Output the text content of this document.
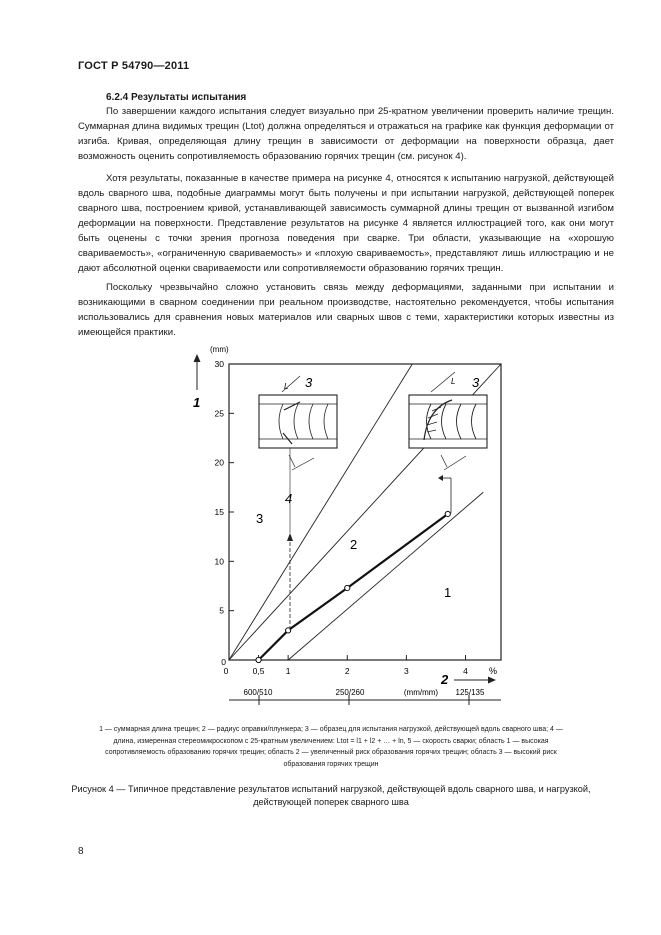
ГОСТ Р 54790—2011
6.2.4 Результаты испытания

По завершении каждого испытания следует визуально при 25-кратном увеличении проверить наличие трещин. Суммарная длина видимых трещин (Ltot) должна определяться и отражаться на графике как функция деформации от изгиба. Кривая, определяющая длину трещин в зависимости от деформации на поверхности образца, дает возможность оценить сопротивляемость образованию горячих трещин (см. рисунок 4).

Хотя результаты, показанные в качестве примера на рисунке 4, относятся к испытанию нагрузкой, действующей вдоль сварного шва, подобные диаграммы могут быть получены и при испытании нагрузкой, действующей поперек сварного шва, построением кривой, устанавливающей зависимость суммарной длины трещин от вызванной изгибом деформации на поверхности. Представление результатов на рисунке 4 является иллюстрацией того, как они могут быть оценены с точки зрения прогноза поведения при сварке. Три области, указывающие на «хорошую свариваемость», «ограниченную свариваемость» и «плохую свариваемость», представляют лишь иллюстрацию и не дают абсолютной оценки свариваемости или сопротивляемости образованию горячих трещин.

Поскольку чрезвычайно сложно установить связь между деформациями, заданными при испытании и возникающими в сварном соединении при реальном производстве, настоятельно рекомендуется, чтобы испытания использовались для сравнения новых материалов или сварных швов с теми, характеристики которых известны из имеющейся практики.

0	0,5	1	2	3	4
5
10
15
20
25
30
0
(mm)
1
%
2
600/510	250/260	(mm/mm) 125/135
3
2
1
4
L 3	L 3

1 — суммарная длина трещин; 2 — радиус оправки/плунжера; 3 — образец для испытания нагрузкой, действующей вдоль сварного шва; 4 — длина, измеренная стереомикроскопом с 25-кратным увеличением: Ltot = l1 + l2 + … + ln, 5 — скорость сварки; область 1 — высокая сопротивляемость образованию горячих трещин; область 2 — увеличенный риск образования горячих трещин; область 3 — высокий риск образования горячих трещин

Рисунок 4 — Типичное представление результатов испытаний нагрузкой, действующей вдоль сварного шва, и нагрузкой, действующей поперек сварного шва

8
